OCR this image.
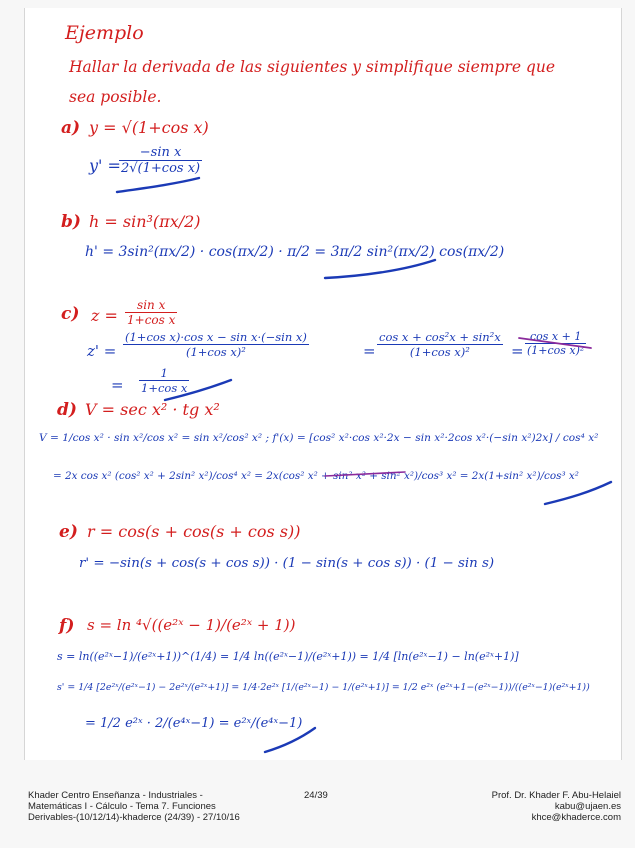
Ejemplo
Hallar la derivada de las siguientes y simplifique siempre que
sea posible.
a) y = √(1+cos x)
y' =
$\frac{\text{−sin x}}{\text{2√(1+cos x)}}$
b) h = sin³(πx/2)
h' = 3sin²(πx/2) · cos(πx/2) · π/2 = 3π/2 sin²(πx/2) cos(πx/2)
c) $z = \frac{\text{sin x}}{\text{1+cos x}}$
$z' = \frac{\text{(1+cos x)·cos x − sin x·(−sin x)}}{\text{(1+cos x)²}}$	= $\frac{\text{cos x + cos²x + sin²x}}{\text{(1+cos x)²}} = \frac{\text{cos x + 1}}{\text{(1+cos x)²}}$
= $\frac{1}{\text{1+cos x}}$
d) V = sec x² · tg x²
V = 1/cos x² · sin x²/cos x² = sin x²/cos² x² ; f'(x) = [cos² x²·cos x²·2x − sin x²·2cos x²·(−sin x²)2x] / cos⁴ x²
= 2x cos x² (cos² x² + 2sin² x²)/cos⁴ x² = 2x(cos² x² + sin² x² + sin² x²)/cos³ x² = 2x(1+sin² x²)/cos³ x²
e) r = cos(s + cos(s + cos s))
r' = −sin(s + cos(s + cos s)) · (1 − sin(s + cos s)) · (1 − sin s)
f) s = ln ⁴√((e²ˣ − 1)/(e²ˣ + 1))
s = ln((e²ˣ−1)/(e²ˣ+1))^(1/4) = 1/4 ln((e²ˣ−1)/(e²ˣ+1)) = 1/4 [ln(e²ˣ−1) − ln(e²ˣ+1)]
s' = 1/4 [2e²ˣ/(e²ˣ−1) − 2e²ˣ/(e²ˣ+1)] = 1/4·2e²ˣ [1/(e²ˣ−1) − 1/(e²ˣ+1)] = 1/2 e²ˣ (e²ˣ+1−(e²ˣ−1))/((e²ˣ−1)(e²ˣ+1))
= 1/2 e²ˣ · 2/(e⁴ˣ−1) = e²ˣ/(e⁴ˣ−1)
Khader Centro Enseñanza - Industriales -
Matemáticas I - Cálculo - Tema 7. Funciones
Derivables-(10/12/14)-khaderce (24/39) - 27/10/16
24/39	Prof. Dr. Khader F. Abu-Helaiel
kabu@ujaen.es
khce@khaderce.com
